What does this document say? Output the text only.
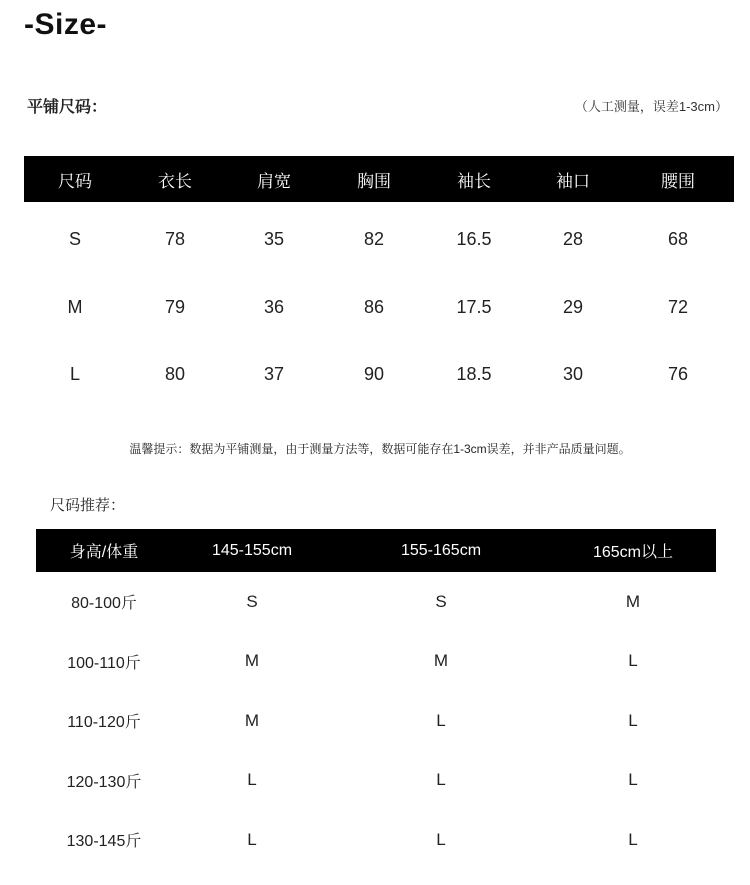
-Size-
平铺尺码：	（人工测量，误差1-3cm）
尺码	衣长	肩宽	胸围	袖长	袖口	腰围
S	78	35	82	16.5	28	68
M	79	36	86	17.5	29	72
L	80	37	90	18.5	30	76
温馨提示：数据为平铺测量，由于测量方法等，数据可能存在1-3cm误差，并非产品质量问题。
尺码推荐：
身高/体重	145-155cm	155-165cm	165cm以上
80-100斤	S	S	M
100-110斤	M	M	L
110-120斤	M	L	L
120-130斤	L	L	L
130-145斤	L	L	L
